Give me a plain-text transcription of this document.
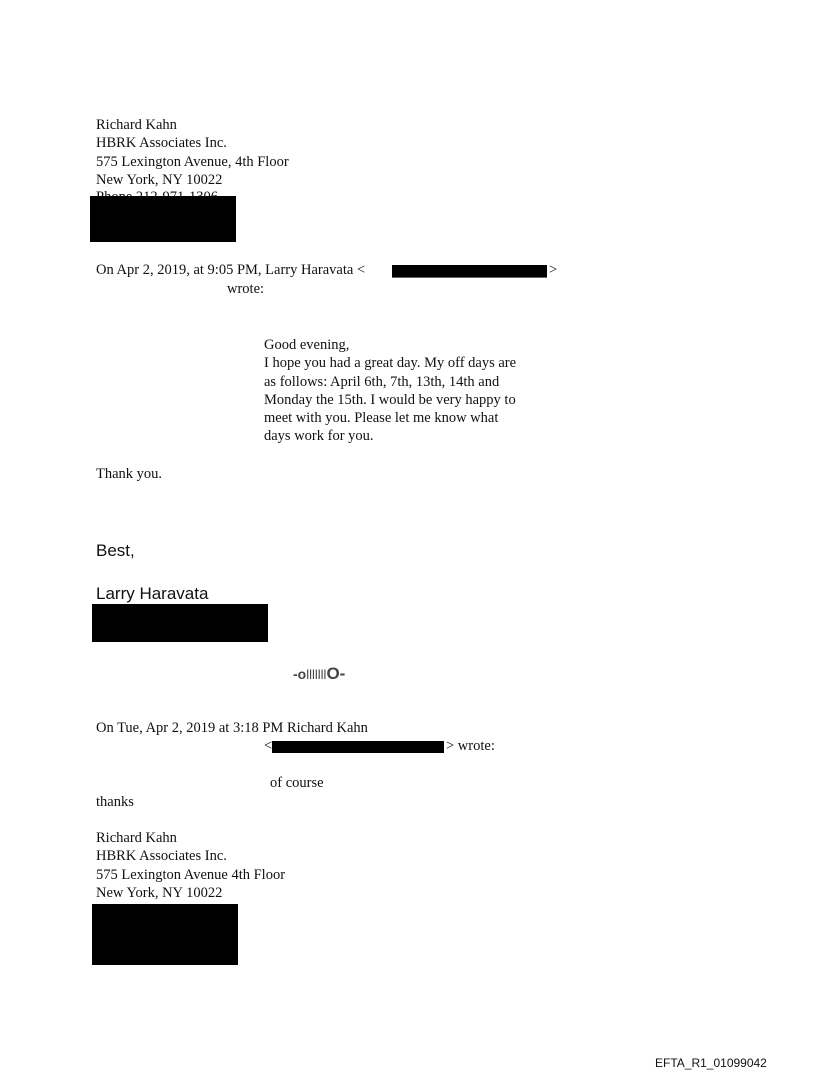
Richard Kahn
HBRK Associates Inc.
575 Lexington Avenue, 4th Floor
New York, NY 10022
On Apr 2, 2019, at 9:05 PM, Larry Haravata <	>
wrote:
Good evening,
I hope you had a great day. My off days are
as follows: April 6th, 7th, 13th, 14th and
Monday the 15th. I would be very happy to
meet with you. Please let me know what
days work for you.
Thank you.
Best,
Larry Haravata
-olllllllO-
On Tue, Apr 2, 2019 at 3:18 PM Richard Kahn
<	> wrote:
of course
thanks
Richard Kahn
HBRK Associates Inc.
575 Lexington Avenue 4th Floor
New York, NY 10022
EFTA_R1_01099042
